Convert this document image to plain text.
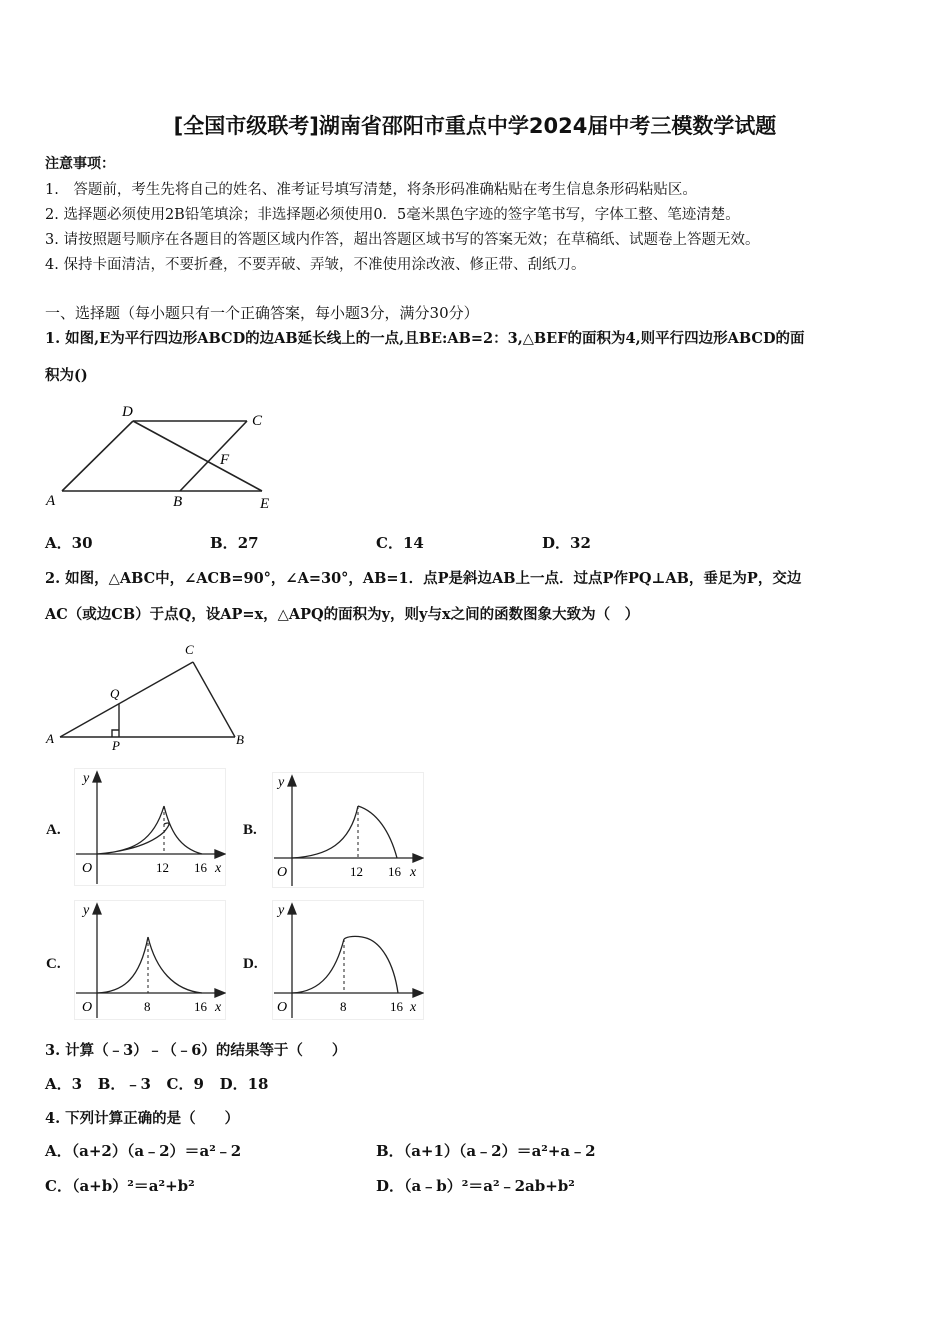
[全国市级联考]湖南省邵阳市重点中学2024届中考三模数学试题
注意事项：
1.　答题前，考生先将自己的姓名、准考证号填写清楚，将条形码准确粘贴在考生信息条形码粘贴区。
2. 选择题必须使用2B铅笔填涂；非选择题必须使用0．5毫米黑色字迹的签字笔书写，字体工整、笔迹清楚。
3. 请按照题号顺序在各题目的答题区域内作答，超出答题区域书写的答案无效；在草稿纸、试题卷上答题无效。
4. 保持卡面清洁，不要折叠，不要弄破、弄皱，不准使用涂改液、修正带、刮纸刀。
一、选择题（每小题只有一个正确答案，每小题3分，满分30分）
1. 如图,E为平行四边形ABCD的边AB延长线上的一点,且BE:AB=2：3,△BEF的面积为4,则平行四边形ABCD的面
积为()
D
C
F
A	B	E
A．30	B．27	C．14	D．32
2. 如图，△ABC中，∠ACB=90°，∠A=30°，AB=1．点P是斜边AB上一点．过点P作PQ⊥AB，垂足为P，交边
AC（或边CB）于点Q，设AP=x，△APQ的面积为y，则y与x之间的函数图象大致为（　）
C
Q
A	P	B
A.
y
O	12 16 x
B.
y
O	12 16 x
C.
y
O	8	16 x
D.
y
O	8	16 x
3. 计算（﹣3）﹣（﹣6）的结果等于（　　）
A．3 B．﹣3 C．9 D．18
4. 下列计算正确的是（　　）
A．（a+2）（a﹣2）＝a²﹣2	B．（a+1）（a﹣2）＝a²+a﹣2
C．（a+b）²＝a²+b²	D．（a﹣b）²＝a²﹣2ab+b²
